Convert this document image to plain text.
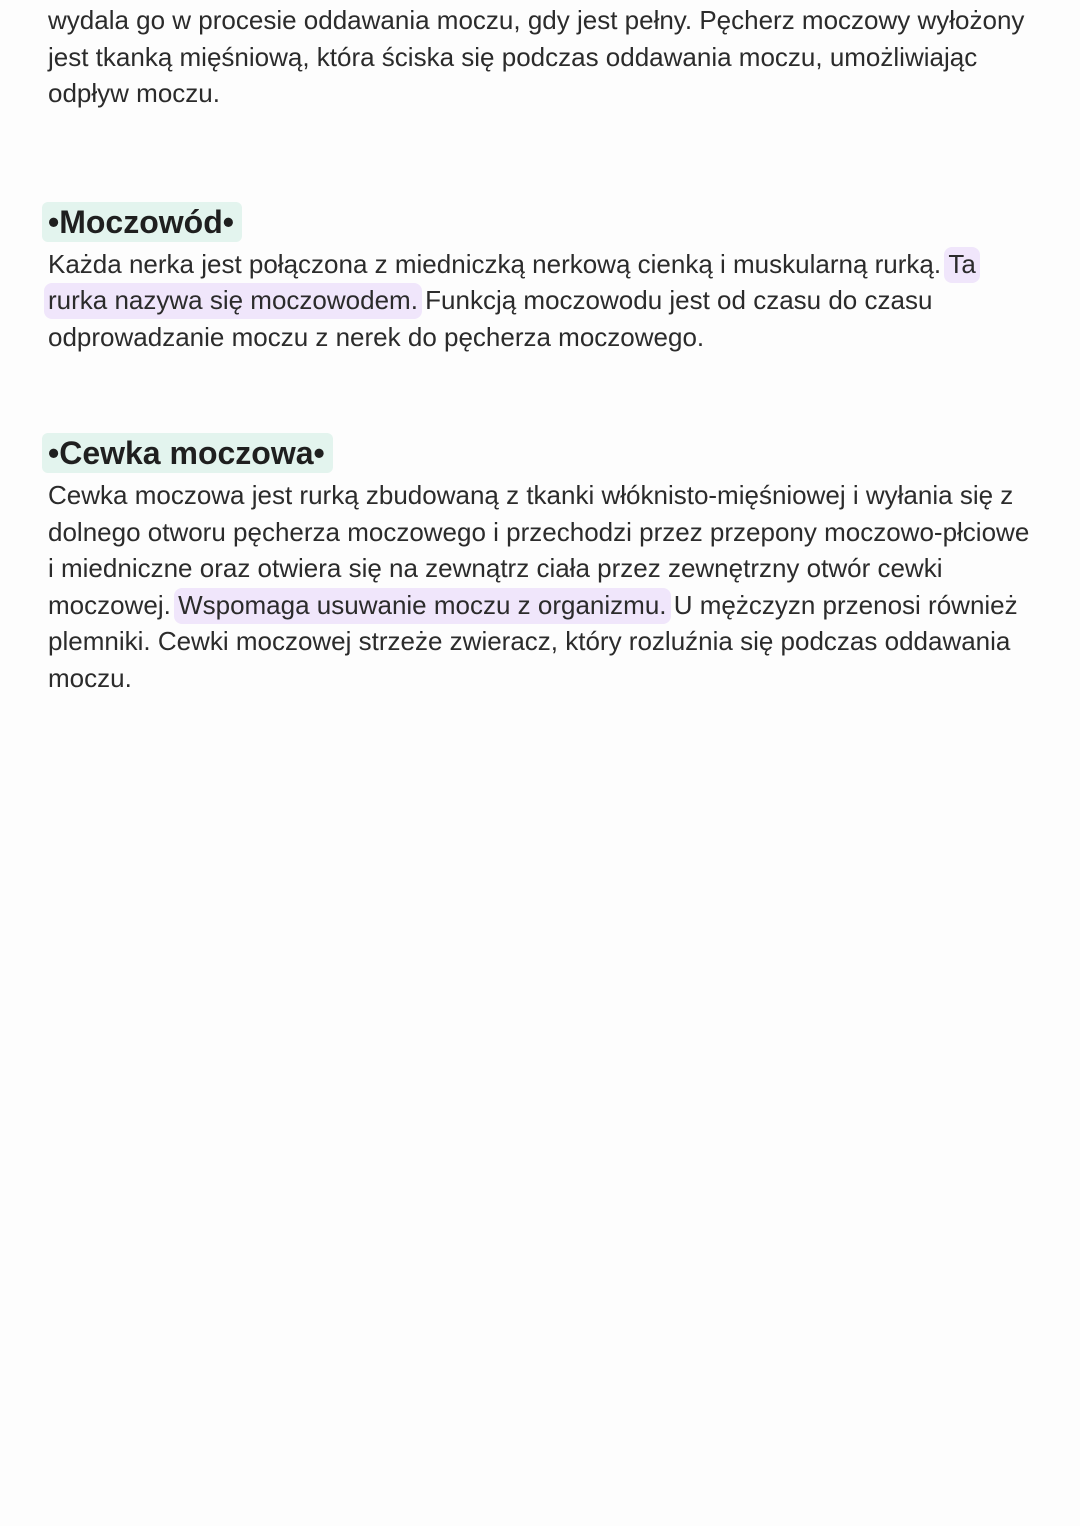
wydala go w procesie oddawania moczu, gdy jest pełny. Pęcherz moczowy wyłożony jest tkanką mięśniową, która ściska się podczas oddawania moczu, umożliwiając odpływ moczu.

•Moczowód•

Każda nerka jest połączona z miedniczką nerkową cienką i muskularną rurką. Ta rurka nazywa się moczowodem. Funkcją moczowodu jest od czasu do czasu odprowadzanie moczu z nerek do pęcherza moczowego.

•Cewka moczowa•

Cewka moczowa jest rurką zbudowaną z tkanki włóknisto-mięśniowej i wyłania się z dolnego otworu pęcherza moczowego i przechodzi przez przepony moczowo-płciowe i miedniczne oraz otwiera się na zewnątrz ciała przez zewnętrzny otwór cewki moczowej. Wspomaga usuwanie moczu z organizmu. U mężczyzn przenosi również plemniki. Cewki moczowej strzeże zwieracz, który rozluźnia się podczas oddawania moczu.
